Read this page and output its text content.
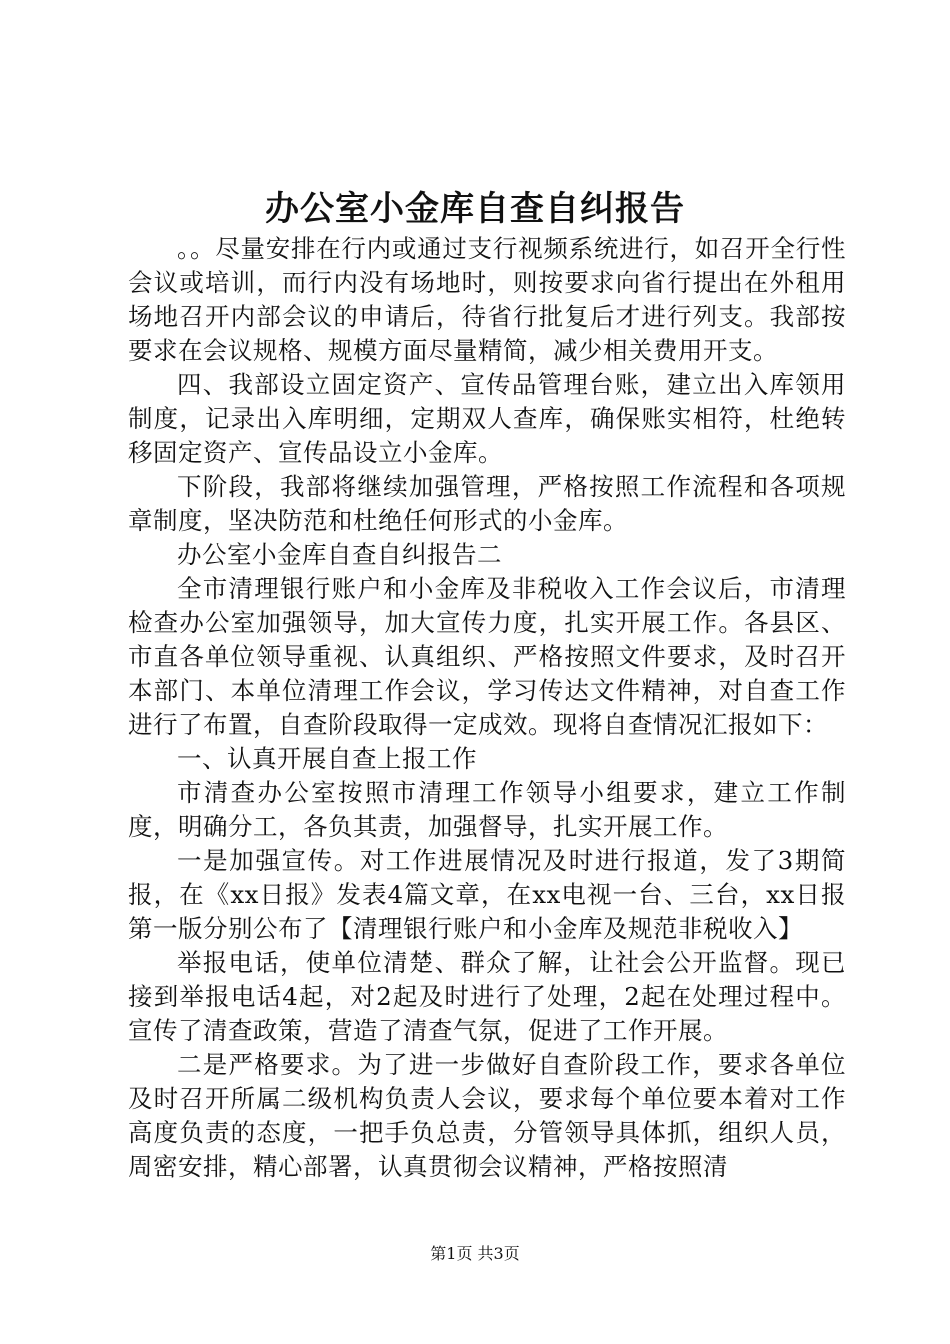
办公室小金库自查自纠报告

。。尽量安排在行内或通过支行视频系统进行，如召开全行性会议或培训，而行内没有场地时，则按要求向省行提出在外租用场地召开内部会议的申请后，待省行批复后才进行列支。我部按要求在会议规格、规模方面尽量精简，减少相关费用开支。

四、我部设立固定资产、宣传品管理台账，建立出入库领用制度，记录出入库明细，定期双人查库，确保账实相符，杜绝转移固定资产、宣传品设立小金库。

下阶段，我部将继续加强管理，严格按照工作流程和各项规章制度，坚决防范和杜绝任何形式的小金库。

办公室小金库自查自纠报告二

全市清理银行账户和小金库及非税收入工作会议后，市清理检查办公室加强领导，加大宣传力度，扎实开展工作。各县区、市直各单位领导重视、认真组织、严格按照文件要求，及时召开本部门、本单位清理工作会议，学习传达文件精神，对自查工作进行了布置，自查阶段取得一定成效。现将自查情况汇报如下：

一、认真开展自查上报工作

市清查办公室按照市清理工作领导小组要求，建立工作制度，明确分工，各负其责，加强督导，扎实开展工作。

一是加强宣传。对工作进展情况及时进行报道，发了3期简报，在《xx日报》发表4篇文章，在xx电视一台、三台，xx日报第一版分别公布了【清理银行账户和小金库及规范非税收入】

举报电话，使单位清楚、群众了解，让社会公开监督。现已接到举报电话4起，对2起及时进行了处理，2起在处理过程中。宣传了清查政策，营造了清查气氛，促进了工作开展。

二是严格要求。为了进一步做好自查阶段工作，要求各单位及时召开所属二级机构负责人会议，要求每个单位要本着对工作高度负责的态度，一把手负总责，分管领导具体抓，组织人员，周密安排，精心部署，认真贯彻会议精神，严格按照清

第1页 共3页
